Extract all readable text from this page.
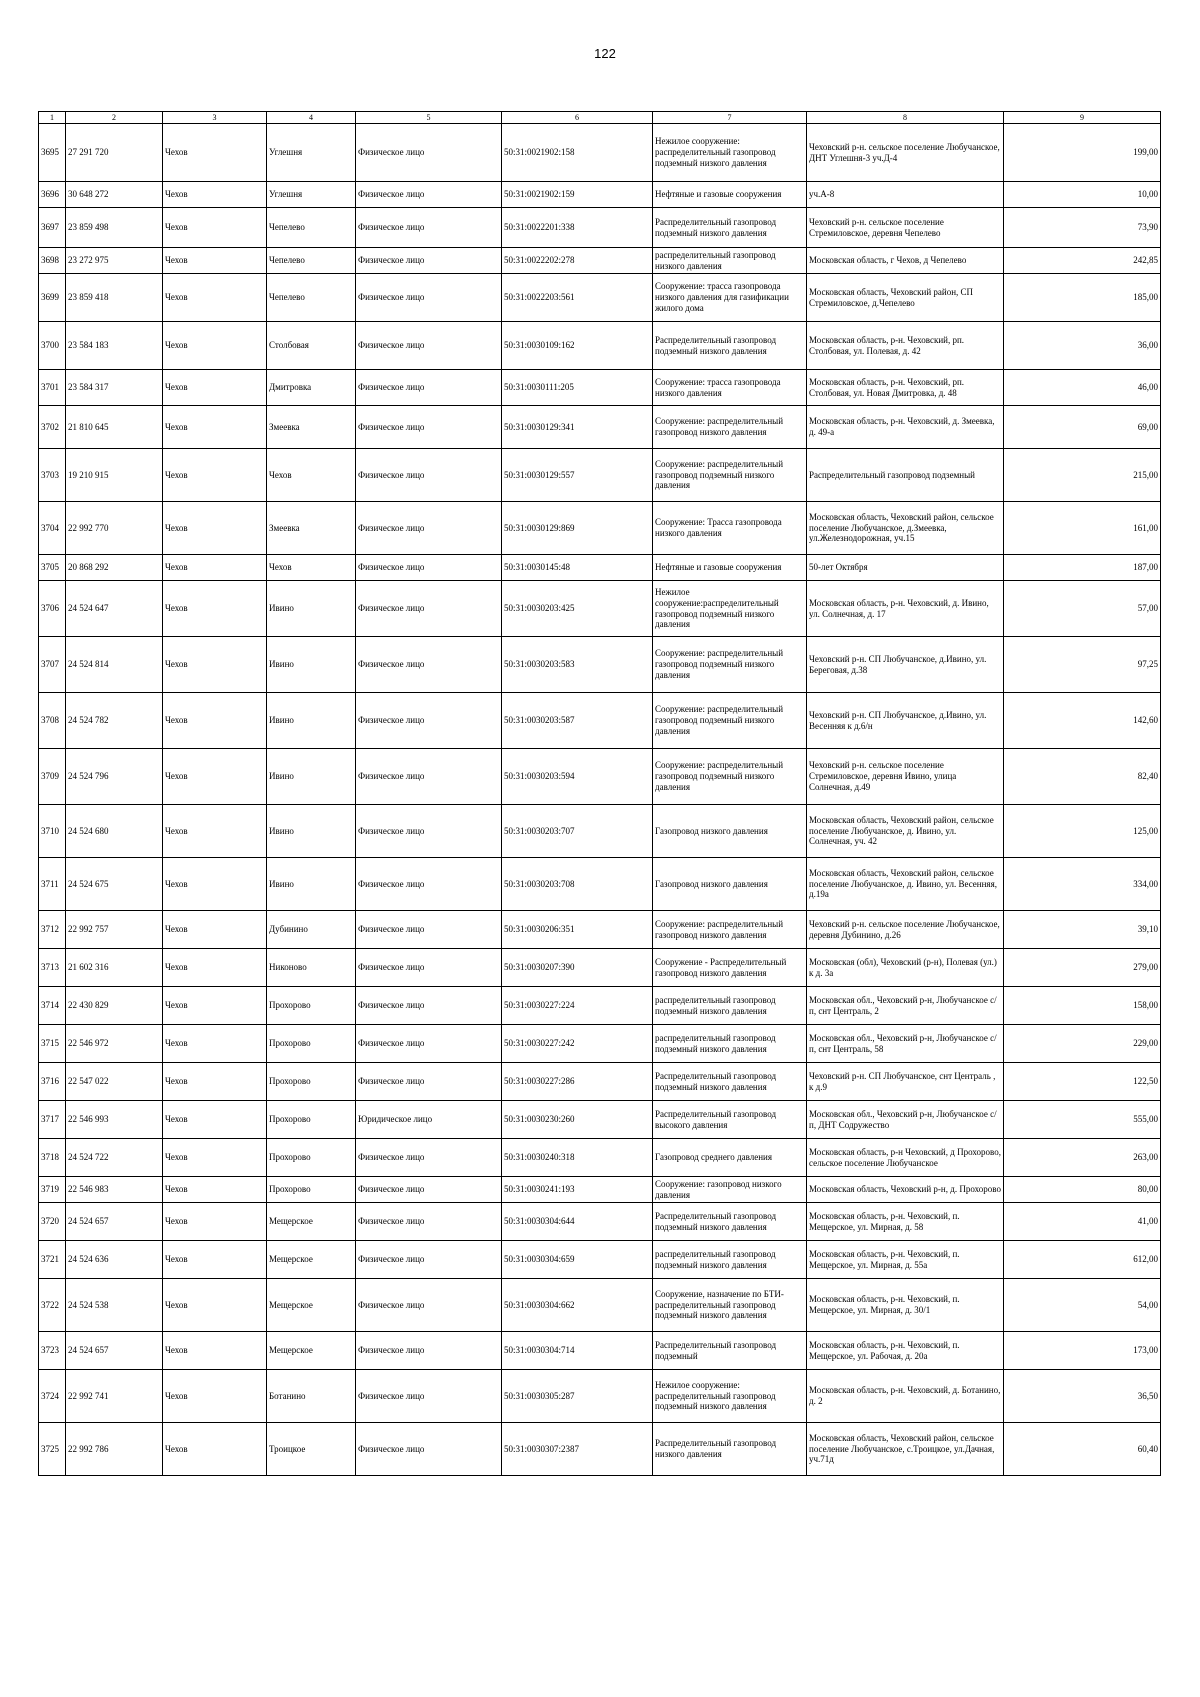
122
1	2	3	4	5	6	7	8	9
3695	27 291 720	Чехов	Углешня	Физическое лицо	50:31:0021902:158	Нежилое сооружение: распределительный газопровод подземный низкого давления	Чеховский р-н. сельское поселение Любучанское, ДНТ Углешня-3 уч.Д-4	199,00
3696	30 648 272	Чехов	Углешня	Физическое лицо	50:31:0021902:159	Нефтяные и газовые сооружения	уч.А-8	10,00
3697	23 859 498	Чехов	Чепелево	Физическое лицо	50:31:0022201:338	Распределительный газопровод подземный низкого давления	Чеховский р-н. сельское поселение Стремиловское, деревня Чепелево	73,90
3698	23 272 975	Чехов	Чепелево	Физическое лицо	50:31:0022202:278	распределительный газопровод низкого давления	Московская область, г Чехов, д Чепелево	242,85
3699	23 859 418	Чехов	Чепелево	Физическое лицо	50:31:0022203:561	Сооружение: трасса газопровода низкого давления для газификации жилого дома	Московская область, Чеховский район, СП Стремиловское, д.Чепелево	185,00
3700	23 584 183	Чехов	Столбовая	Физическое лицо	50:31:0030109:162	Распределительный газопровод подземный низкого давления	Московская область, р-н. Чеховский, рп. Столбовая, ул. Полевая, д. 42	36,00
3701	23 584 317	Чехов	Дмитровка	Физическое лицо	50:31:0030111:205	Сооружение: трасса газопровода низкого давления	Московская область, р-н. Чеховский, рп. Столбовая, ул. Новая Дмитровка, д. 48	46,00
3702	21 810 645	Чехов	Змеевка	Физическое лицо	50:31:0030129:341	Сооружение: распределительный газопровод низкого давления	Московская область, р-н. Чеховский, д. Змеевка, д. 49-а	69,00
3703	19 210 915	Чехов	Чехов	Физическое лицо	50:31:0030129:557	Сооружение: распределительный газопровод подземный низкого давления	Распределительный газопровод подземный	215,00
3704	22 992 770	Чехов	Змеевка	Физическое лицо	50:31:0030129:869	Сооружение: Трасса газопровода низкого давления	Московская область, Чеховский район, сельское поселение Любучанское, д.Змеевка, ул.Железнодорожная, уч.15	161,00
3705	20 868 292	Чехов	Чехов	Физическое лицо	50:31:0030145:48	Нефтяные и газовые сооружения	50-лет Октября	187,00
3706	24 524 647	Чехов	Ивино	Физическое лицо	50:31:0030203:425	Нежилое сооружение:распределительный газопровод подземный низкого давления	Московская область, р-н. Чеховский, д. Ивино, ул. Солнечная, д. 17	57,00
3707	24 524 814	Чехов	Ивино	Физическое лицо	50:31:0030203:583	Сооружение: распределительный газопровод подземный низкого давления	Чеховский р-н. СП Любучанское, д.Ивино, ул. Береговая, д.38	97,25
3708	24 524 782	Чехов	Ивино	Физическое лицо	50:31:0030203:587	Сооружение: распределительный газопровод подземный низкого давления	Чеховский р-н. СП Любучанское, д.Ивино, ул. Весенняя к д.6/н	142,60
3709	24 524 796	Чехов	Ивино	Физическое лицо	50:31:0030203:594	Сооружение: распределительный газопровод подземный низкого давления	Чеховский р-н. сельское поселение Стремиловское, деревня Ивино, улица Солнечная, д.49	82,40
3710	24 524 680	Чехов	Ивино	Физическое лицо	50:31:0030203:707	Газопровод низкого давления	Московская область, Чеховский район, сельское поселение Любучанское, д. Ивино, ул. Солнечная, уч. 42	125,00
3711	24 524 675	Чехов	Ивино	Физическое лицо	50:31:0030203:708	Газопровод низкого давления	Московская область, Чеховский район, сельское поселение Любучанское, д. Ивино, ул. Весенняя, д.19а	334,00
3712	22 992 757	Чехов	Дубинино	Физическое лицо	50:31:0030206:351	Сооружение: распределительный газопровод низкого давления	Чеховский р-н. сельское поселение Любучанское, деревня Дубинино, д.26	39,10
3713	21 602 316	Чехов	Никоново	Физическое лицо	50:31:0030207:390	Сооружение - Распределительный газопровод низкого давления	Московская (обл), Чеховский (р-н), Полевая (ул.) к д. 3а	279,00
3714	22 430 829	Чехов	Прохорово	Физическое лицо	50:31:0030227:224	распределительный газопровод подземный низкого давления	Московская обл., Чеховский р-н, Любучанское с/п, снт Централь, 2	158,00
3715	22 546 972	Чехов	Прохорово	Физическое лицо	50:31:0030227:242	распределительный газопровод подземный низкого давления	Московская обл., Чеховский р-н, Любучанское с/п, снт Централь, 58	229,00
3716	22 547 022	Чехов	Прохорово	Физическое лицо	50:31:0030227:286	Распределительный газопровод подземный низкого давления	Чеховский р-н. СП Любучанское, снт Централь , к д.9	122,50
3717	22 546 993	Чехов	Прохорово	Юридическое лицо	50:31:0030230:260	Распределительный газопровод высокого давления	Московская обл., Чеховский р-н, Любучанское с/п, ДНТ Содружество	555,00
3718	24 524 722	Чехов	Прохорово	Физическое лицо	50:31:0030240:318	Газопровод среднего давления	Московская область, р-н Чеховский, д Прохорово, сельское поселение Любучанское	263,00
3719	22 546 983	Чехов	Прохорово	Физическое лицо	50:31:0030241:193	Сооружение: газопровод низкого давления	Московская область, Чеховский р-н, д. Прохорово	80,00
3720	24 524 657	Чехов	Мещерское	Физическое лицо	50:31:0030304:644	Распределительный газопровод подземный низкого давления	Московская область, р-н. Чеховский, п. Мещерское, ул. Мирная, д. 58	41,00
3721	24 524 636	Чехов	Мещерское	Физическое лицо	50:31:0030304:659	распределительный газопровод подземный низкого давления	Московская область, р-н. Чеховский, п. Мещерское, ул. Мирная, д. 55а	612,00
3722	24 524 538	Чехов	Мещерское	Физическое лицо	50:31:0030304:662	Сооружение, назначение по БТИ-распределительный газопровод подземный низкого давления	Московская область, р-н. Чеховский, п. Мещерское, ул. Мирная, д. 30/1	54,00
3723	24 524 657	Чехов	Мещерское	Физическое лицо	50:31:0030304:714	Распределительный газопровод подземный	Московская область, р-н. Чеховский, п. Мещерское, ул. Рабочая, д. 20а	173,00
3724	22 992 741	Чехов	Ботанино	Физическое лицо	50:31:0030305:287	Нежилое сооружение: распределительный газопровод подземный низкого давления	Московская область, р-н. Чеховский, д. Ботанино, д. 2	36,50
3725	22 992 786	Чехов	Троицкое	Физическое лицо	50:31:0030307:2387	Распределительный газопровод низкого давления	Московская область, Чеховский район, сельское поселение Любучанское, с.Троицкое, ул.Дачная, уч.71д	60,40
